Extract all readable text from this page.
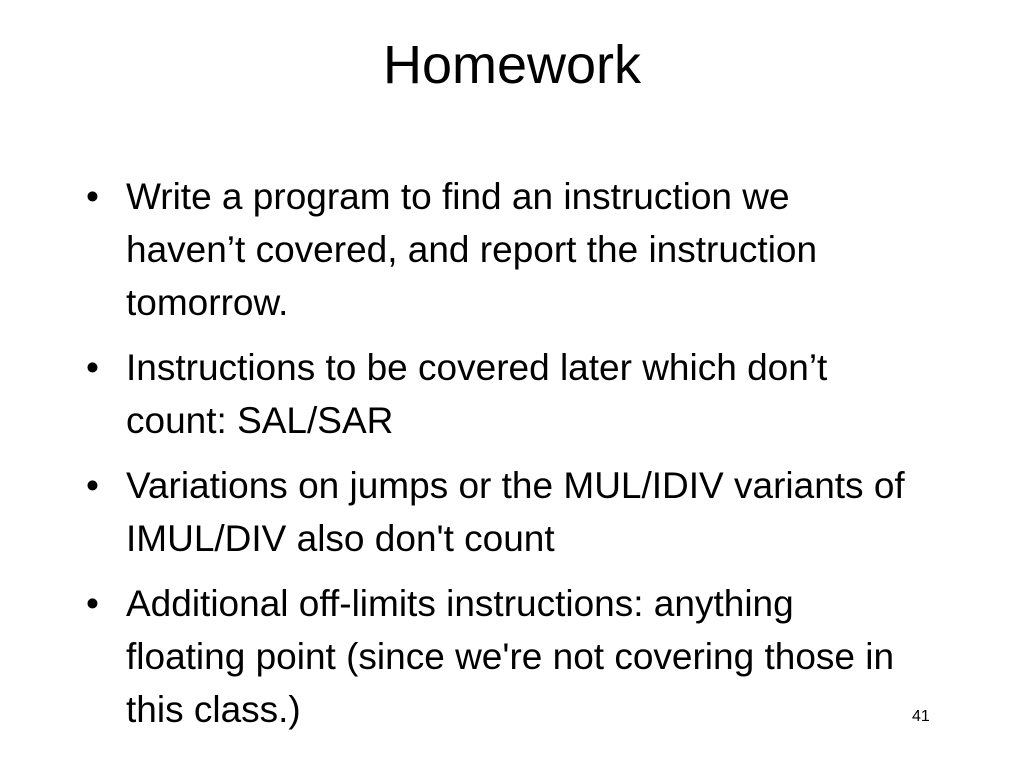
Homework
• Write a program to find an instruction we haven’t covered, and report the instruction tomorrow.
• Instructions to be covered later which don’t count: SAL/SAR
• Variations on jumps or the MUL/IDIV variants of IMUL/DIV also don't count
• Additional off-limits instructions: anything floating point (since we're not covering those in this class.)	41
